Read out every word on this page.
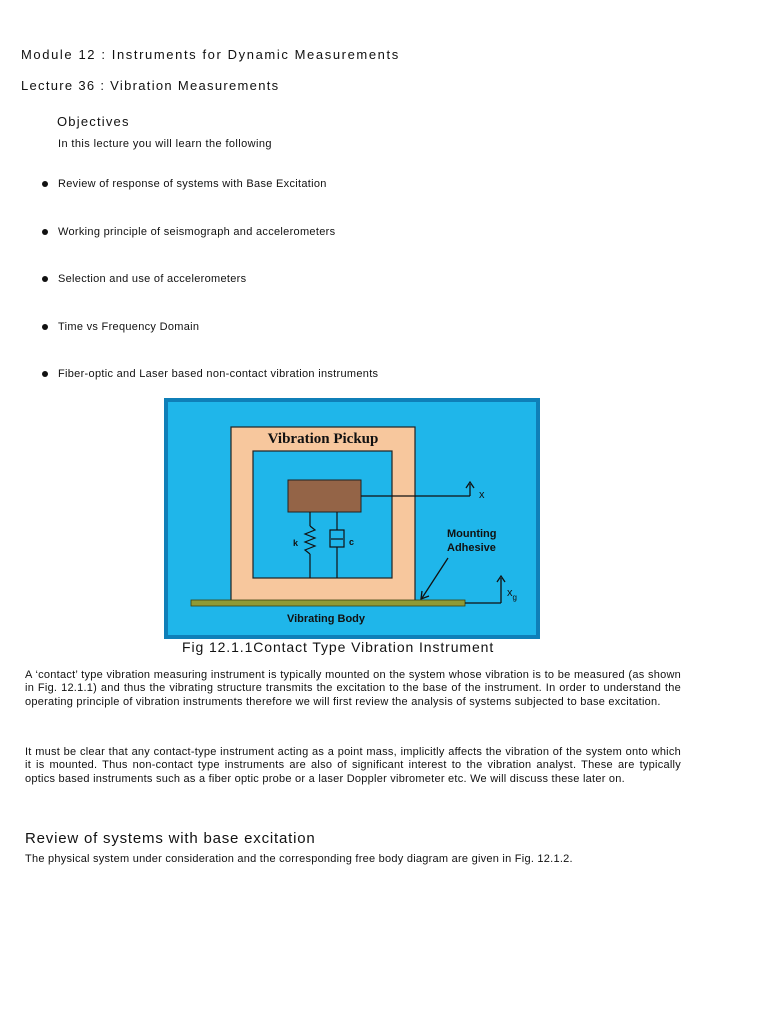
Module 12 : Instruments for Dynamic Measurements
Lecture 36 : Vibration Measurements
Objectives
In this lecture you will learn the following
Review of response of systems with Base Excitation
Working principle of seismograph and accelerometers
Selection and use of accelerometers
Time vs Frequency Domain
Fiber-optic and Laser based non-contact vibration instruments
Vibration Pickup
x
k	c
Mounting
Adhesive
$x_g$
Vibrating Body
Fig 12.1.1Contact Type Vibration Instrument
A ‘contact’ type vibration measuring instrument is typically mounted on the system whose vibration is to be measured (as shown in Fig. 12.1.1) and thus the vibrating structure transmits the excitation to the base of the instrument. In order to understand the operating principle of vibration instruments therefore we will first review the analysis of systems subjected to base excitation.
It must be clear that any contact-type instrument acting as a point mass, implicitly affects the vibration of the system onto which it is mounted. Thus non-contact type instruments are also of significant interest to the vibration analyst. These are typically optics based instruments such as a fiber optic probe or a laser Doppler vibrometer etc. We will discuss these later on.
Review of systems with base excitation
The physical system under consideration and the corresponding free body diagram are given in Fig. 12.1.2.
